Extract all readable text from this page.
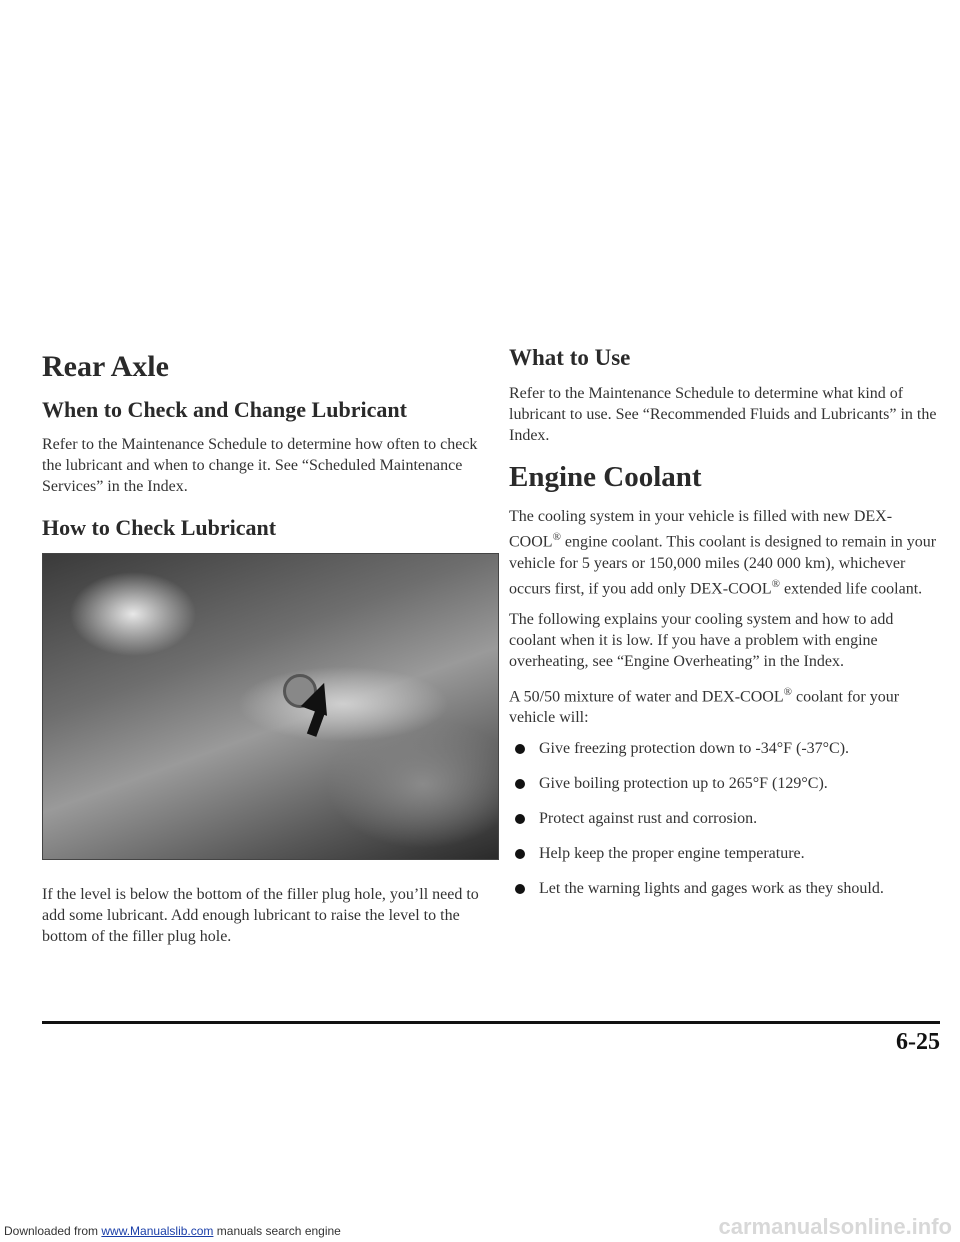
Rear Axle
When to Check and Change Lubricant

Refer to the Maintenance Schedule to determine how often to check the lubricant and when to change it. See “Scheduled Maintenance Services” in the Index.

How to Check Lubricant

If the level is below the bottom of the filler plug hole, you’ll need to add some lubricant. Add enough lubricant to raise the level to the bottom of the filler plug hole.

What to Use

Refer to the Maintenance Schedule to determine what kind of lubricant to use. See “Recommended Fluids and Lubricants” in the Index.

Engine Coolant

The cooling system in your vehicle is filled with new DEX-COOL® engine coolant. This coolant is designed to remain in your vehicle for 5 years or 150,000 miles (240 000 km), whichever occurs first, if you add only DEX-COOL® extended life coolant.

The following explains your cooling system and how to add coolant when it is low. If you have a problem with engine overheating, see “Engine Overheating” in the Index.

A 50/50 mixture of water and DEX-COOL® coolant for your vehicle will:

Give freezing protection down to -34°F (-37°C).
Give boiling protection up to 265°F (129°C).
Protect against rust and corrosion.
Help keep the proper engine temperature.
Let the warning lights and gages work as they should.
6-25
carmanualsonline.info
Downloaded from www.Manualslib.com manuals search engine
